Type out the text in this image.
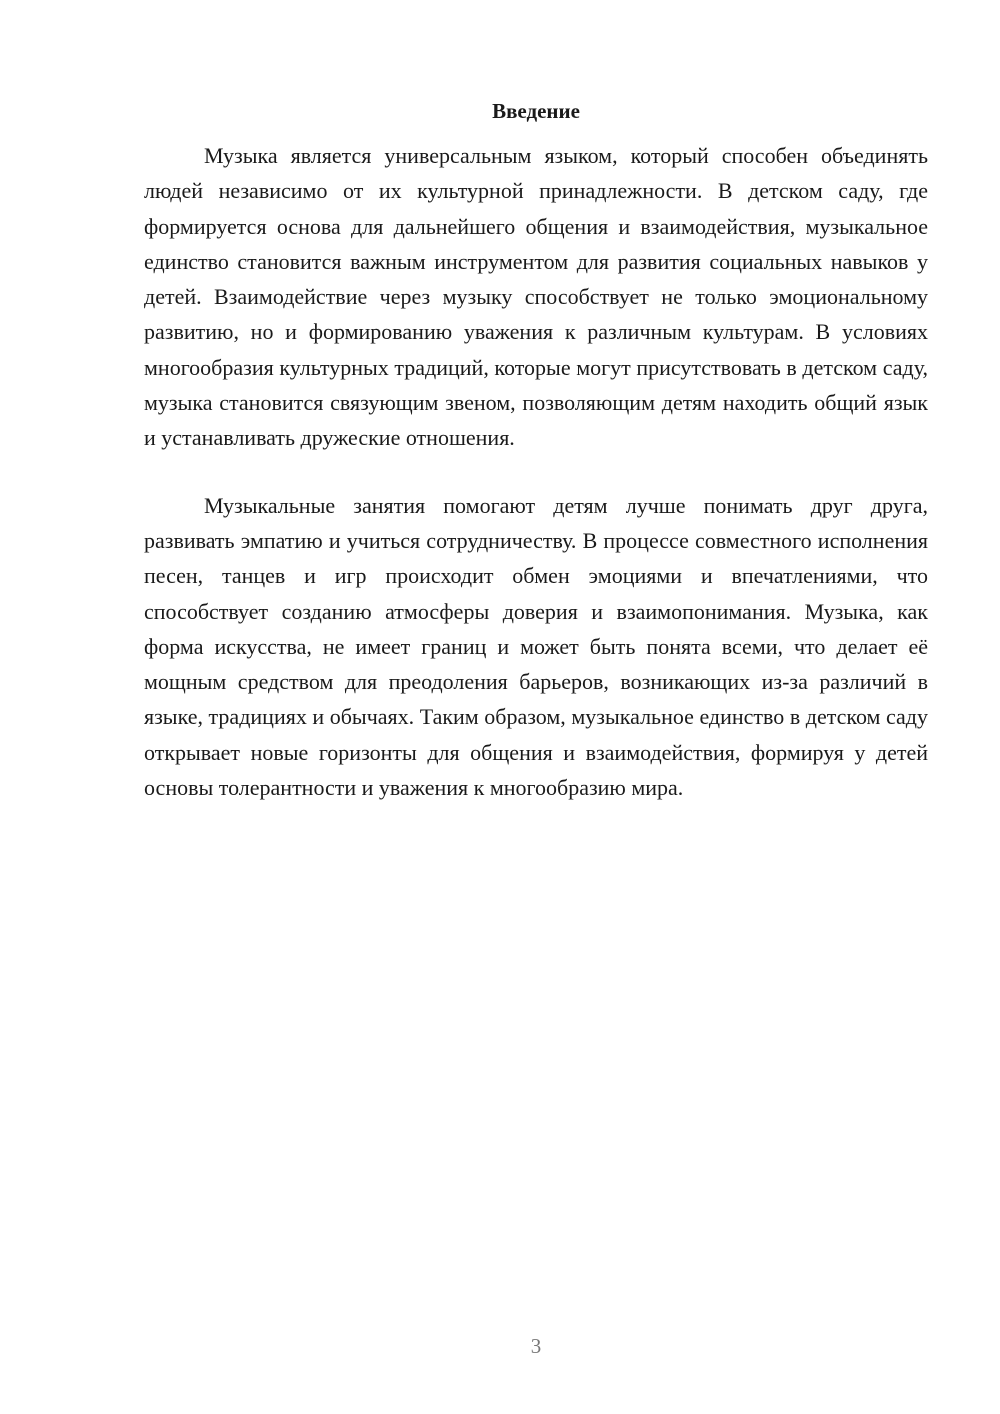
Введение

Музыка является универсальным языком, который способен объединять людей независимо от их культурной принадлежности. В детском саду, где формируется основа для дальнейшего общения и взаимодействия, музыкальное единство становится важным инструментом для развития социальных навыков у детей. Взаимодействие через музыку способствует не только эмоциональному развитию, но и формированию уважения к различным культурам. В условиях многообразия культурных традиций, которые могут присутствовать в детском саду, музыка становится связующим звеном, позволяющим детям находить общий язык и устанавливать дружеские отношения.

Музыкальные занятия помогают детям лучше понимать друг друга, развивать эмпатию и учиться сотрудничеству. В процессе совместного исполнения песен, танцев и игр происходит обмен эмоциями и впечатлениями, что способствует созданию атмосферы доверия и взаимопонимания. Музыка, как форма искусства, не имеет границ и может быть понята всеми, что делает её мощным средством для преодоления барьеров, возникающих из-за различий в языке, традициях и обычаях. Таким образом, музыкальное единство в детском саду открывает новые горизонты для общения и взаимодействия, формируя у детей основы толерантности и уважения к многообразию мира.

3
